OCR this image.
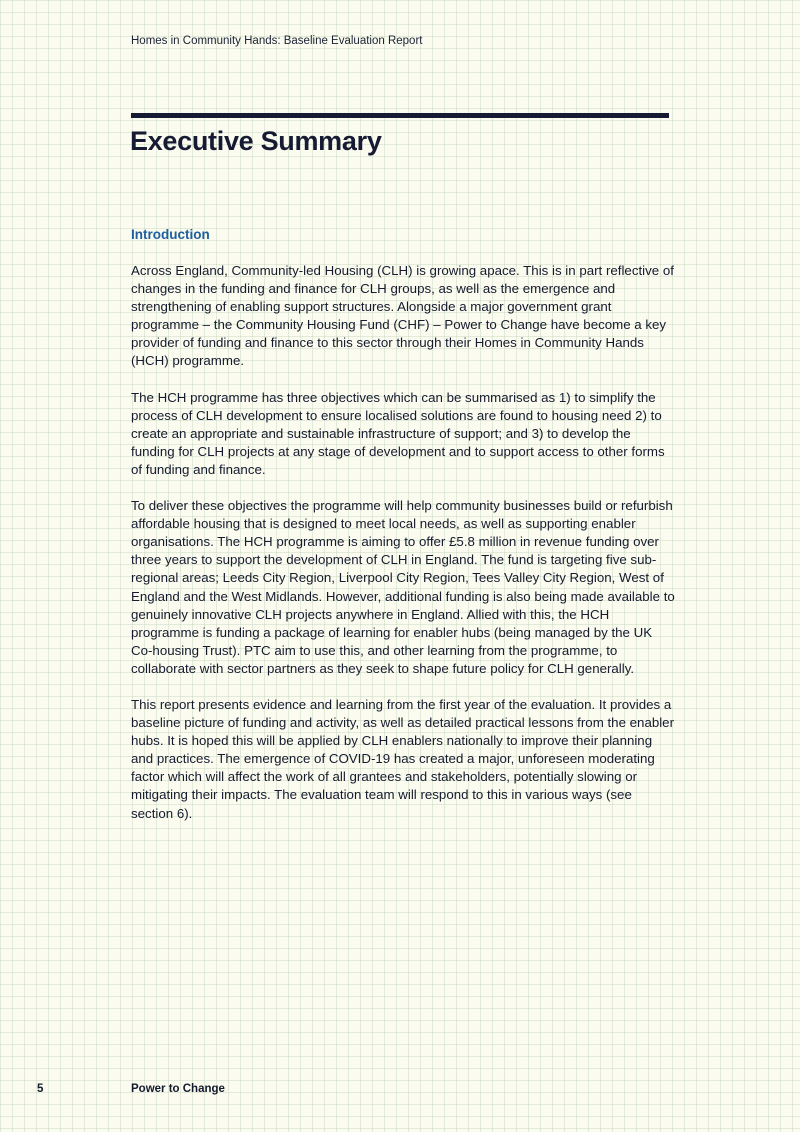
Homes in Community Hands: Baseline Evaluation Report
Executive Summary
Introduction

Across England, Community-led Housing (CLH) is growing apace. This is in part reflective of changes in the funding and finance for CLH groups, as well as the emergence and strengthening of enabling support structures. Alongside a major government grant programme – the Community Housing Fund (CHF) – Power to Change have become a key provider of funding and finance to this sector through their Homes in Community Hands (HCH) programme.

The HCH programme has three objectives which can be summarised as 1) to simplify the process of CLH development to ensure localised solutions are found to housing need 2) to create an appropriate and sustainable infrastructure of support; and 3) to develop the funding for CLH projects at any stage of development and to support access to other forms of funding and finance.

To deliver these objectives the programme will help community businesses build or refurbish affordable housing that is designed to meet local needs, as well as supporting enabler organisations. The HCH programme is aiming to offer £5.8 million in revenue funding over three years to support the development of CLH in England. The fund is targeting five sub-regional areas; Leeds City Region, Liverpool City Region, Tees Valley City Region, West of England and the West Midlands. However, additional funding is also being made available to genuinely innovative CLH projects anywhere in England. Allied with this, the HCH programme is funding a package of learning for enabler hubs (being managed by the UK Co-housing Trust). PTC aim to use this, and other learning from the programme, to collaborate with sector partners as they seek to shape future policy for CLH generally.

This report presents evidence and learning from the first year of the evaluation. It provides a baseline picture of funding and activity, as well as detailed practical lessons from the enabler hubs. It is hoped this will be applied by CLH enablers nationally to improve their planning and practices. The emergence of COVID-19 has created a major, unforeseen moderating factor which will affect the work of all grantees and stakeholders, potentially slowing or mitigating their impacts. The evaluation team will respond to this in various ways (see section 6).

5	Power to Change
